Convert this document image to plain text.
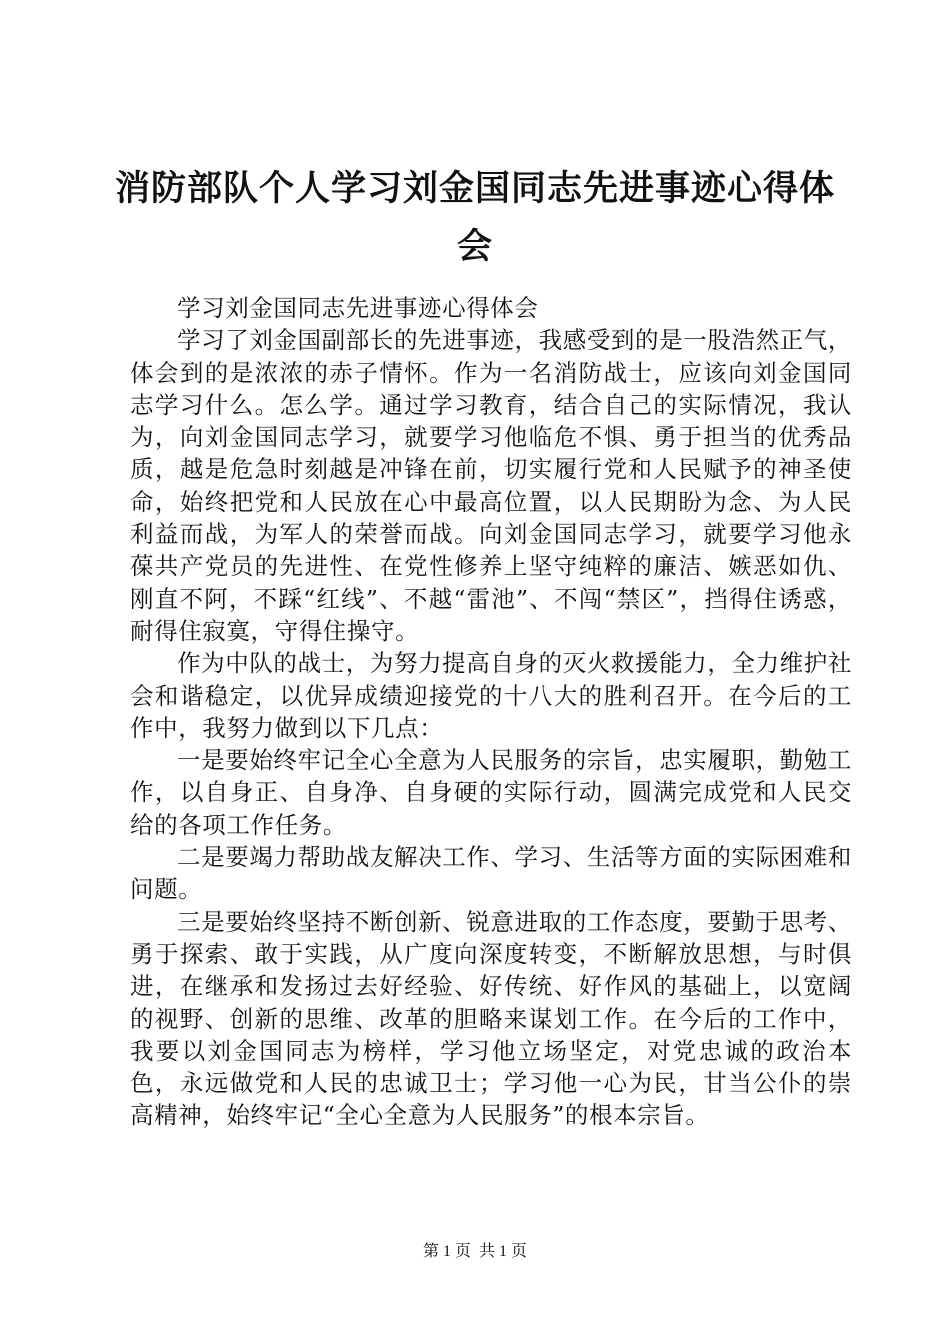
消防部队个人学习刘金国同志先进事迹心得体会

学习刘金国同志先进事迹心得体会

学习了刘金国副部长的先进事迹，我感受到的是一股浩然正气，体会到的是浓浓的赤子情怀。作为一名消防战士，应该向刘金国同志学习什么。怎么学。通过学习教育，结合自己的实际情况，我认为，向刘金国同志学习，就要学习他临危不惧、勇于担当的优秀品质，越是危急时刻越是冲锋在前，切实履行党和人民赋予的神圣使命，始终把党和人民放在心中最高位置，以人民期盼为念、为人民利益而战，为军人的荣誉而战。向刘金国同志学习，就要学习他永葆共产党员的先进性、在党性修养上坚守纯粹的廉洁、嫉恶如仇、刚直不阿，不踩“红线”、不越“雷池”、不闯“禁区”，挡得住诱惑，耐得住寂寞，守得住操守。

作为中队的战士，为努力提高自身的灭火救援能力，全力维护社会和谐稳定，以优异成绩迎接党的十八大的胜利召开。在今后的工作中，我努力做到以下几点：

一是要始终牢记全心全意为人民服务的宗旨，忠实履职，勤勉工作，以自身正、自身净、自身硬的实际行动，圆满完成党和人民交给的各项工作任务。

二是要竭力帮助战友解决工作、学习、生活等方面的实际困难和问题。

三是要始终坚持不断创新、锐意进取的工作态度，要勤于思考、勇于探索、敢于实践，从广度向深度转变，不断解放思想，与时俱进，在继承和发扬过去好经验、好传统、好作风的基础上，以宽阔的视野、创新的思维、改革的胆略来谋划工作。在今后的工作中，我要以刘金国同志为榜样，学习他立场坚定，对党忠诚的政治本色，永远做党和人民的忠诚卫士；学习他一心为民，甘当公仆的崇高精神，始终牢记“全心全意为人民服务”的根本宗旨。

第 1 页  共 1 页
